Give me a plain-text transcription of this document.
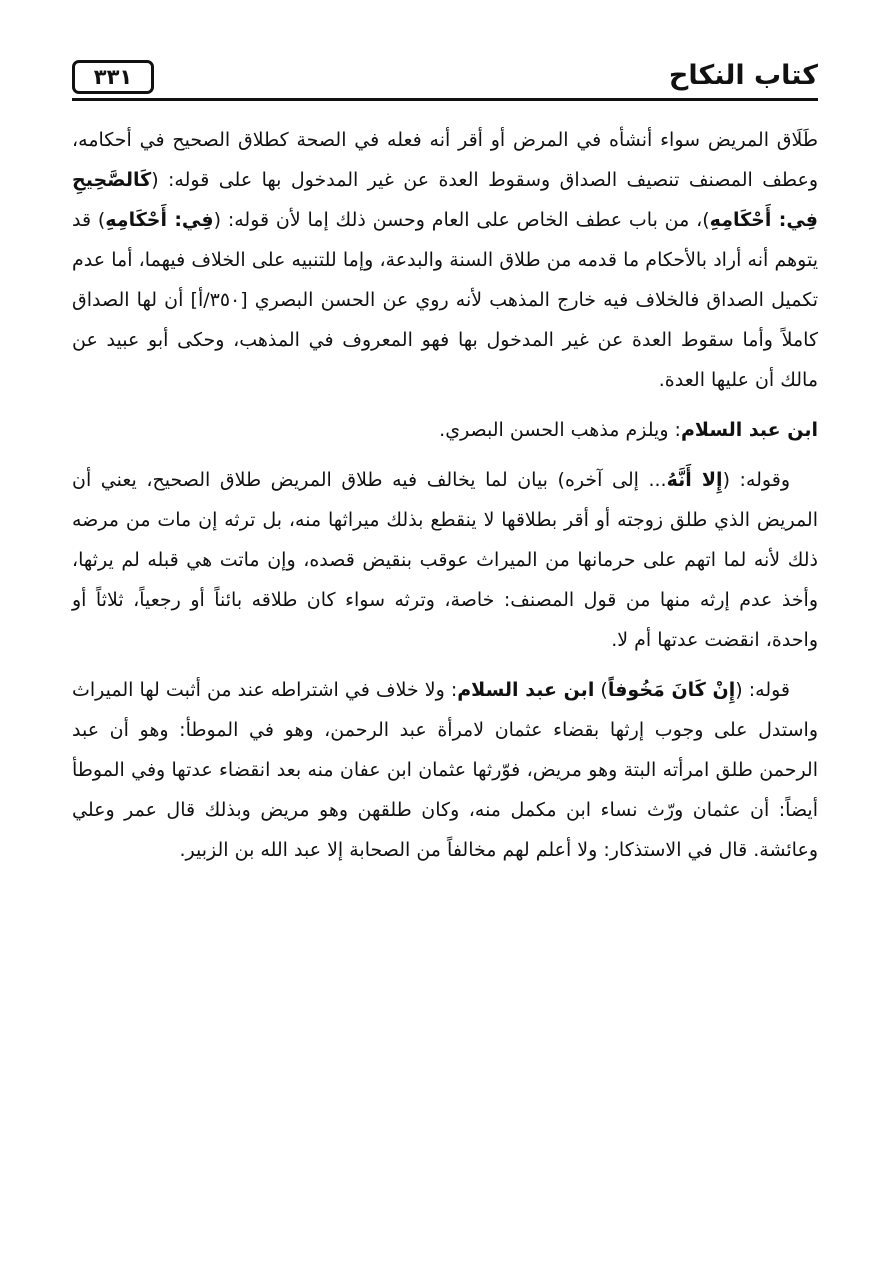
كتاب النكاح
٣٣١

طَلَاق المريض سواء أنشأه في المرض أو أقر أنه فعله في الصحة كطلاق الصحيح في أحكامه، وعطف المصنف تنصيف الصداق وسقوط العدة عن غير المدخول بها على قوله: (كَالصَّحِيحِ فِي: أَحْكَامِهِ)، من باب عطف الخاص على العام وحسن ذلك إما لأن قوله: (فِي: أَحْكَامِهِ) قد يتوهم أنه أراد بالأحكام ما قدمه من طلاق السنة والبدعة، وإما للتنبيه على الخلاف فيهما، أما عدم تكميل الصداق فالخلاف فيه خارج المذهب لأنه روي عن الحسن البصري [٣٥٠/أ] أن لها الصداق كاملاً وأما سقوط العدة عن غير المدخول بها فهو المعروف في المذهب، وحكى أبو عبيد عن مالك أن عليها العدة.

ابن عبد السلام: ويلزم مذهب الحسن البصري.

وقوله: (إِلا أَنَّهُ... إلى آخره) بيان لما يخالف فيه طلاق المريض طلاق الصحيح، يعني أن المريض الذي طلق زوجته أو أقر بطلاقها لا ينقطع بذلك ميراثها منه، بل ترثه إن مات من مرضه ذلك لأنه لما اتهم على حرمانها من الميراث عوقب بنقيض قصده، وإن ماتت هي قبله لم يرثها، وأخذ عدم إرثه منها من قول المصنف: خاصة، وترثه سواء كان طلاقه بائناً أو رجعياً، ثلاثاً أو واحدة، انقضت عدتها أم لا.

قوله: (إِنْ كَانَ مَخُوفاً) ابن عبد السلام: ولا خلاف في اشتراطه عند من أثبت لها الميراث واستدل على وجوب إرثها بقضاء عثمان لامرأة عبد الرحمن، وهو في الموطأ: وهو أن عبد الرحمن طلق امرأته البتة وهو مريض، فوّرثها عثمان ابن عفان منه بعد انقضاء عدتها وفي الموطأ أيضاً: أن عثمان ورّث نساء ابن مكمل منه، وكان طلقهن وهو مريض وبذلك قال عمر وعلي وعائشة. قال في الاستذكار: ولا أعلم لهم مخالفاً من الصحابة إلا عبد الله بن الزبير.
